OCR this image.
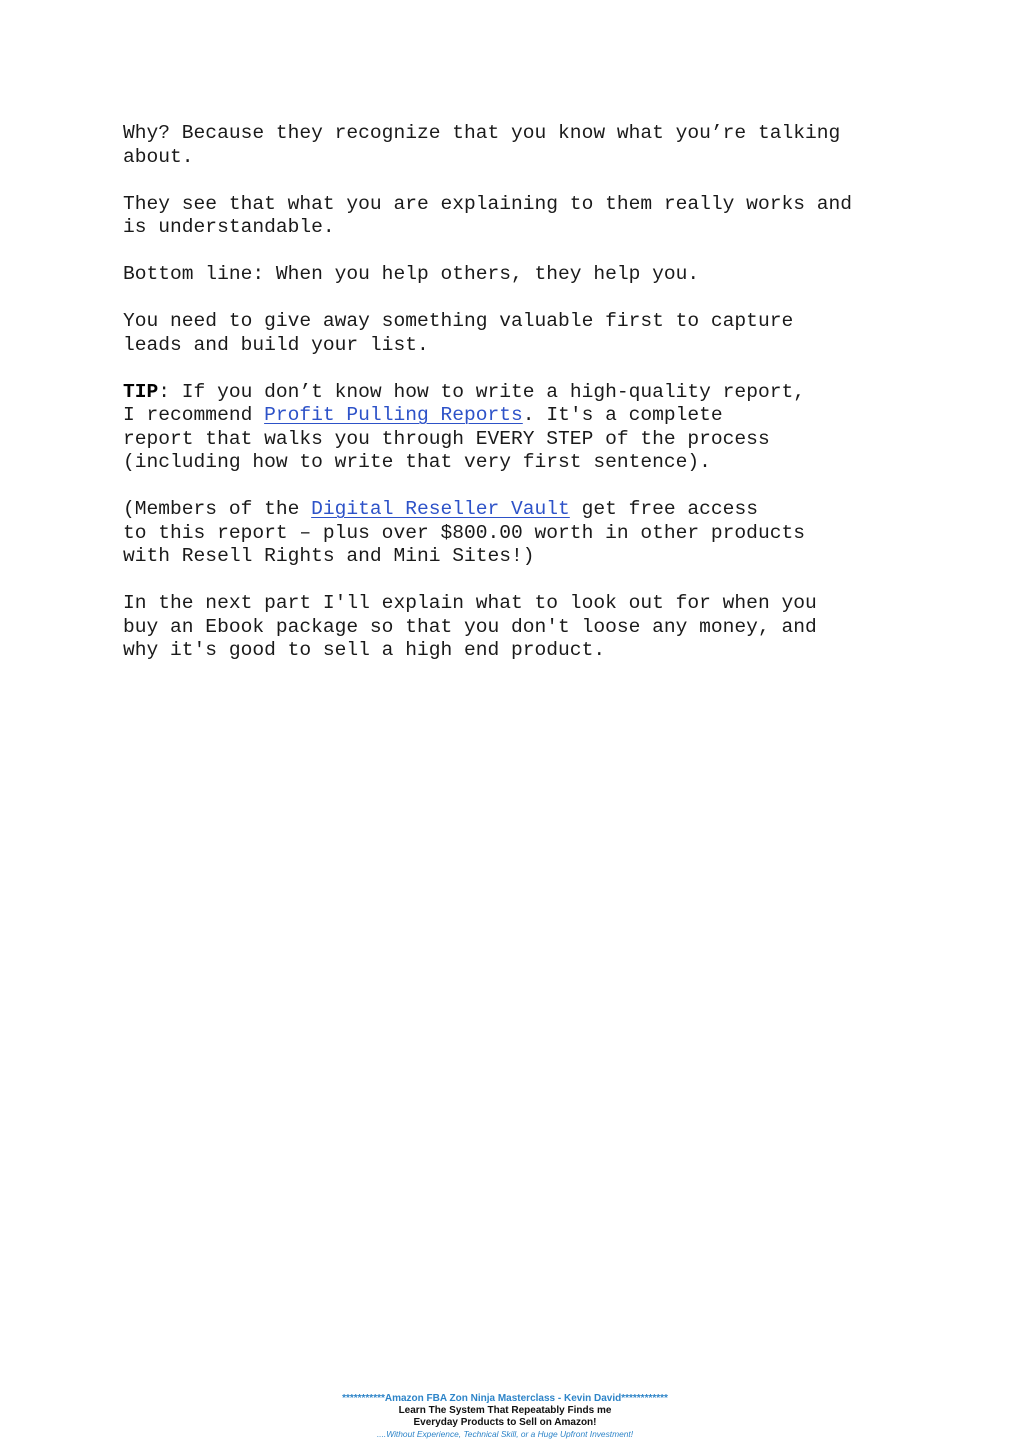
Why? Because they recognize that you know what you’re talking
about.

They see that what you are explaining to them really works and
is understandable.

Bottom line: When you help others, they help you.

You need to give away something valuable first to capture
leads and build your list.

TIP: If you don’t know how to write a high-quality report,
I recommend Profit Pulling Reports. It's a complete
report that walks you through EVERY STEP of the process
(including how to write that very first sentence).

(Members of the Digital Reseller Vault get free access
to this report – plus over $800.00 worth in other products
with Resell Rights and Mini Sites!)

In the next part I'll explain what to look out for when you
buy an Ebook package so that you don't loose any money, and
why it's good to sell a high end product.

***********Amazon FBA Zon Ninja Masterclass - Kevin David************
Learn The System That Repeatably Finds me
Everyday Products to Sell on Amazon!
....Without Experience, Technical Skill, or a Huge Upfront Investment!
